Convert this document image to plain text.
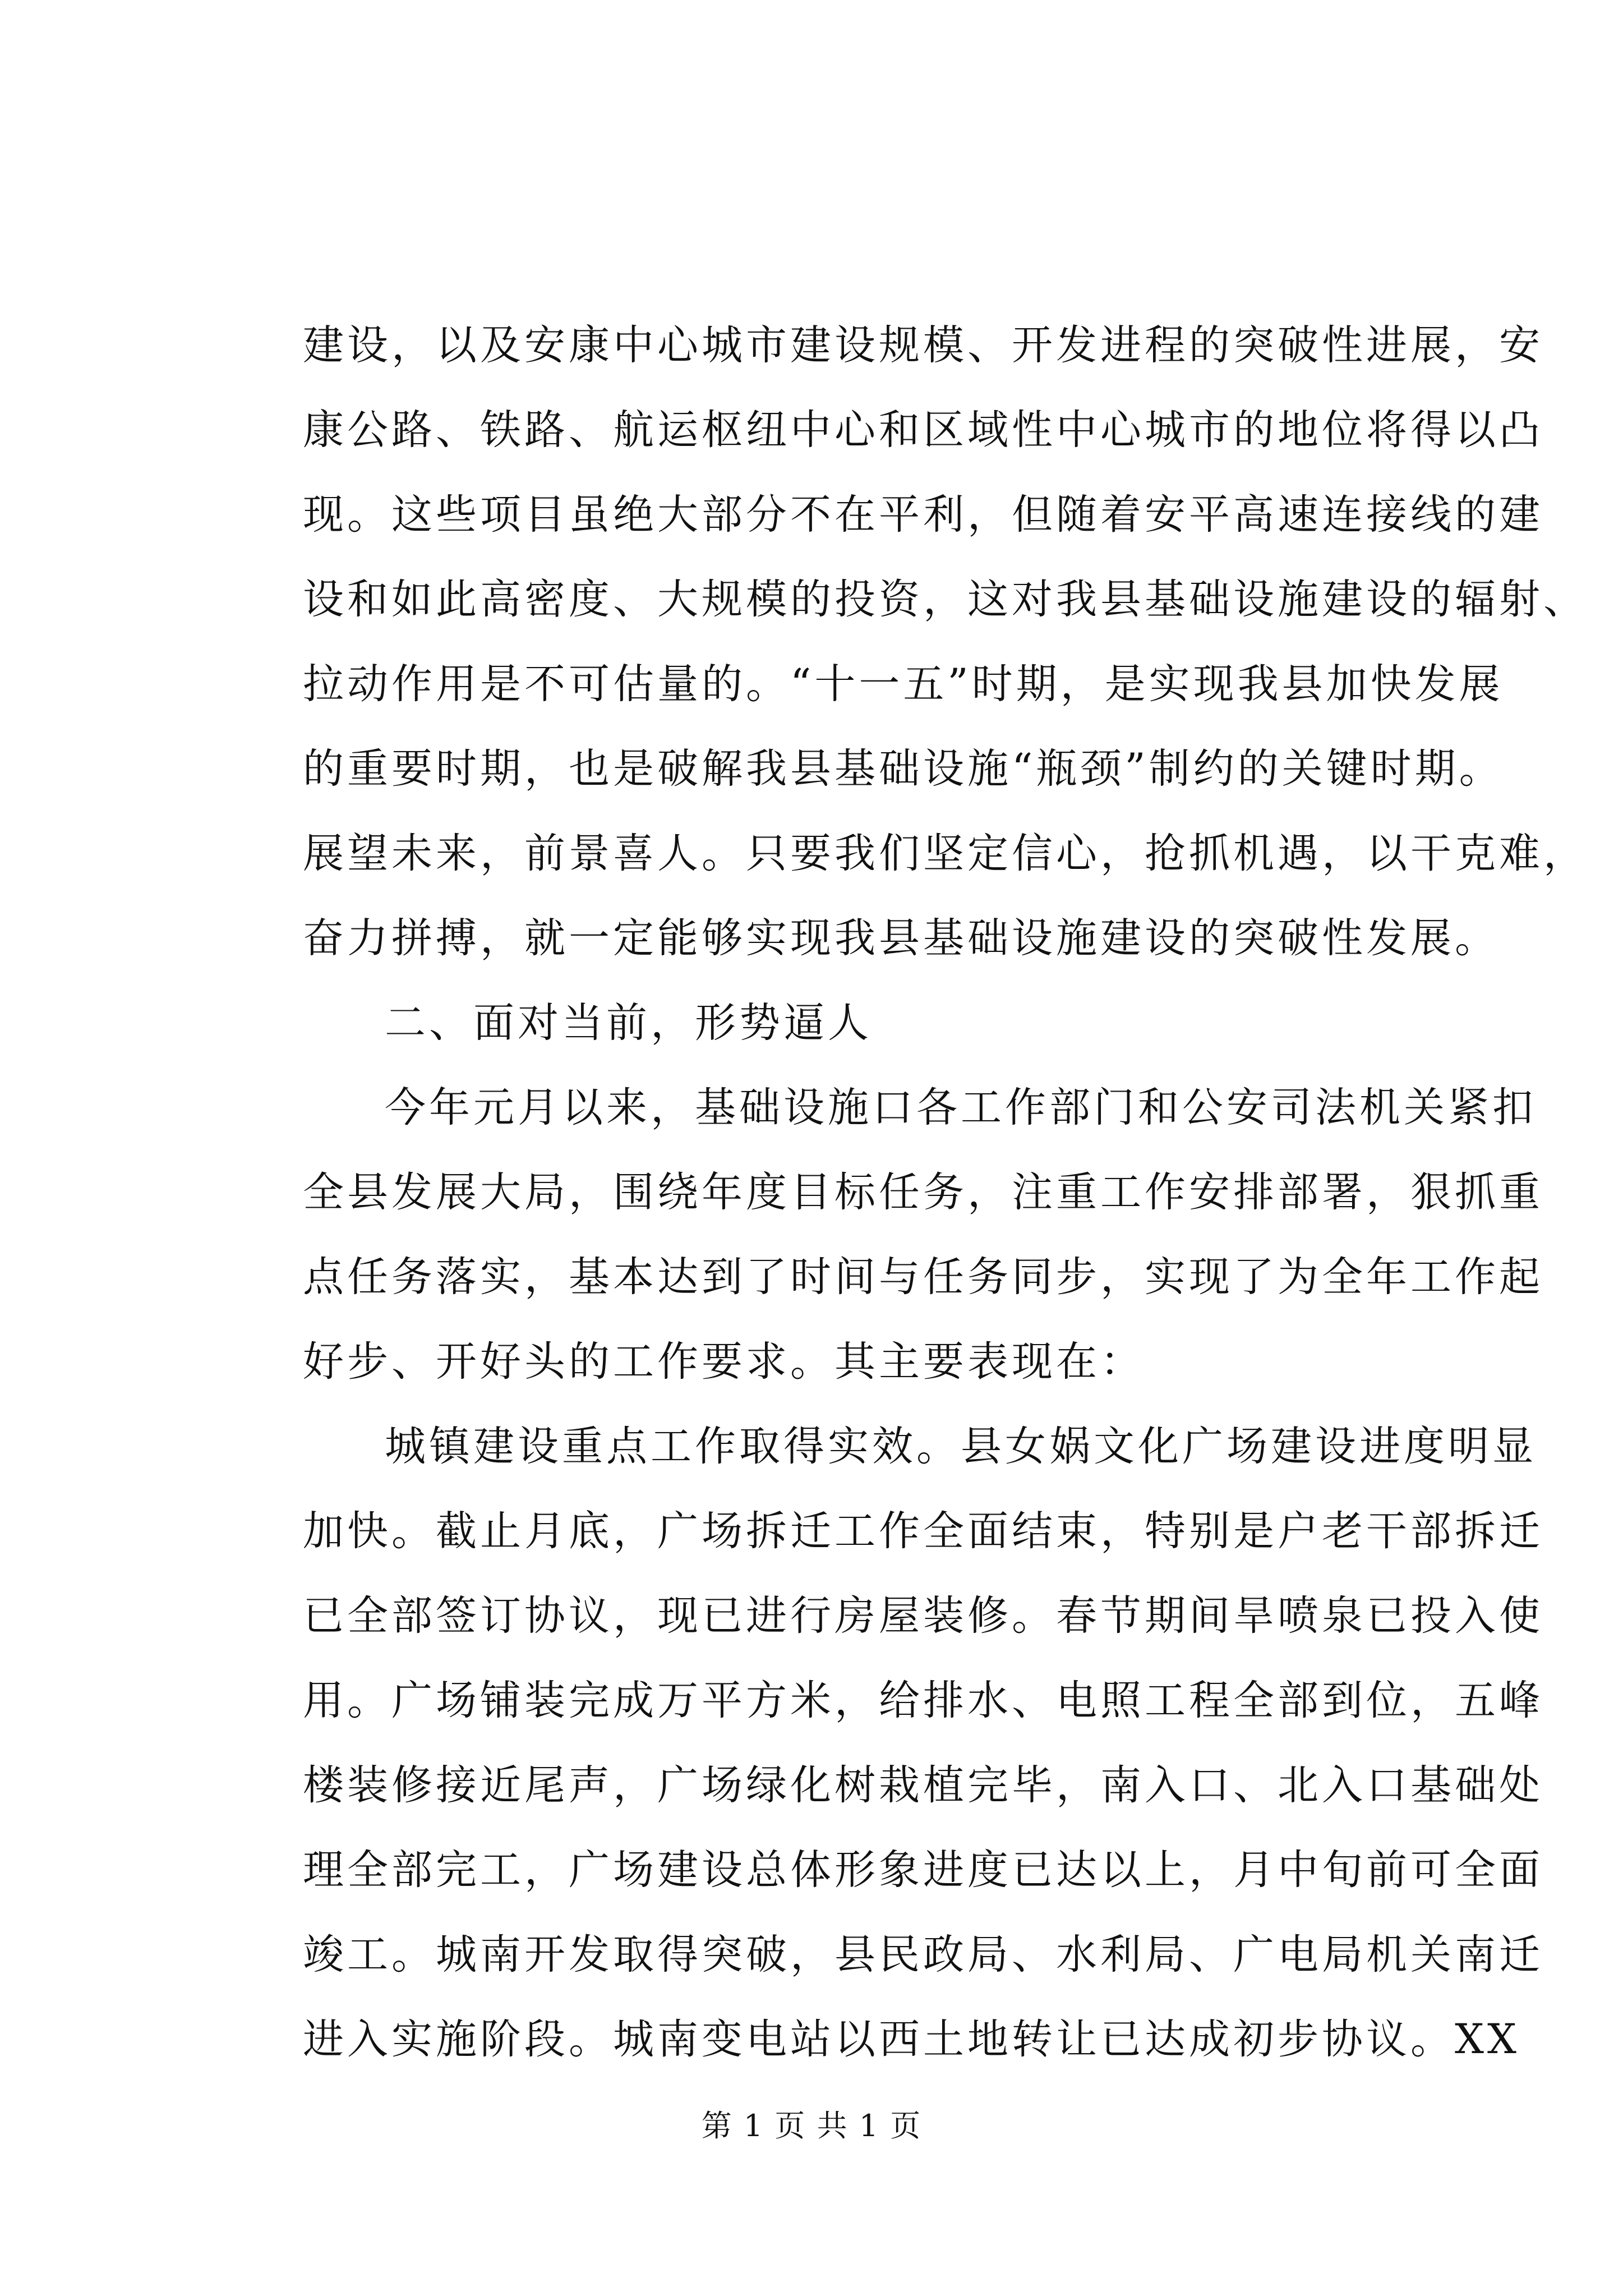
建设，以及安康中心城市建设规模、开发进程的突破性进展，安
康公路、铁路、航运枢纽中心和区域性中心城市的地位将得以凸
现。这些项目虽绝大部分不在平利，但随着安平高速连接线的建
设和如此高密度、大规模的投资，这对我县基础设施建设的辐射、
拉动作用是不可估量的。“十一五”时期，是实现我县加快发展
的重要时期，也是破解我县基础设施“瓶颈”制约的关键时期。
展望未来，前景喜人。只要我们坚定信心，抢抓机遇，以干克难，
奋力拼搏，就一定能够实现我县基础设施建设的突破性发展。
二、面对当前，形势逼人
今年元月以来，基础设施口各工作部门和公安司法机关紧扣
全县发展大局，围绕年度目标任务，注重工作安排部署，狠抓重
点任务落实，基本达到了时间与任务同步，实现了为全年工作起
好步、开好头的工作要求。其主要表现在：
城镇建设重点工作取得实效。县女娲文化广场建设进度明显
加快。截止月底，广场拆迁工作全面结束，特别是户老干部拆迁
已全部签订协议，现已进行房屋装修。春节期间旱喷泉已投入使
用。广场铺装完成万平方米，给排水、电照工程全部到位，五峰
楼装修接近尾声，广场绿化树栽植完毕，南入口、北入口基础处
理全部完工，广场建设总体形象进度已达以上，月中旬前可全面
竣工。城南开发取得突破，县民政局、水利局、广电局机关南迁
进入实施阶段。城南变电站以西土地转让已达成初步协议。XX
第 1 页 共 1 页
